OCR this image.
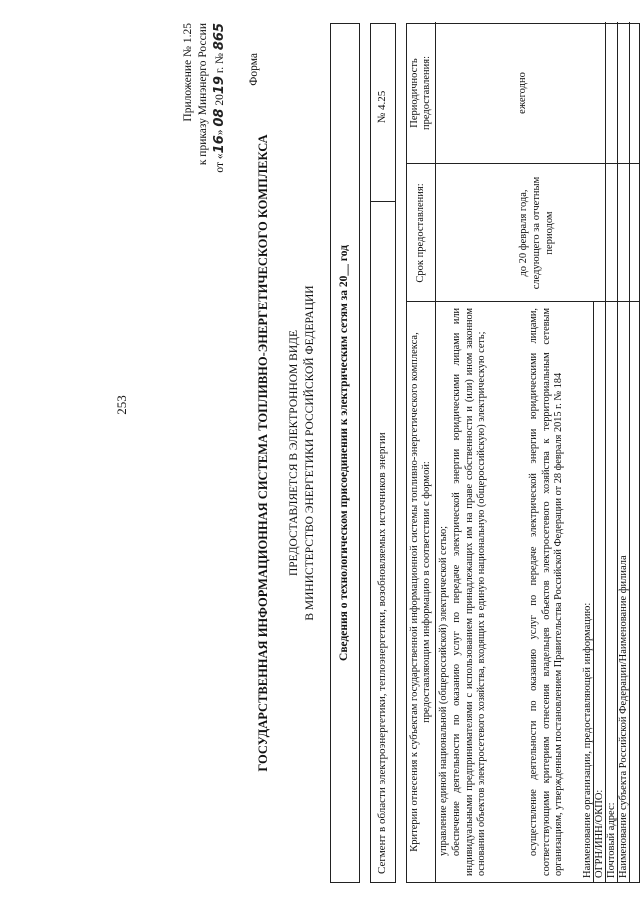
253
Приложение № 1.25 к приказу Минэнерго России от «16» 08 2019 г. № 865
Форма
ГОСУДАРСТВЕННАЯ ИНФОРМАЦИОННАЯ СИСТЕМА ТОПЛИВНО-ЭНЕРГЕТИЧЕСКОГО КОМПЛЕКСА ПРЕДОСТАВЛЯЕТСЯ В ЭЛЕКТРОННОМ ВИДЕ В МИНИСТЕРСТВО ЭНЕРГЕТИКИ РОССИЙСКОЙ ФЕДЕРАЦИИ Сведения о технологическом присоединении к электрическим сетям за 20__ год Сегмент в области электроэнергетики, теплоэнергетики, возобновляемых источников энергии
№ 4.25
Критерии отнесения к субъектам государственной информационной системы топливно-энергетического комплекса, предоставляющим информацию в соответствии с формой:
Срок предоставления:
Периодичность предоставления:
управление единой национальной (общероссийской) электрической сетью; обеспечение деятельности по оказанию услуг по передаче электрической энергии юридическими лицами или индивидуальными предпринимателями с использованием принадлежащих им на праве собственности и (или) ином законном основании объектов электросетевого хозяйства, входящих в единую национальную (общероссийскую) электрическую сеть;	осуществление деятельности по оказанию услуг по передаче электрической энергии юридическими лицами, соответствующими критериям отнесения владельцев объектов электросетевого хозяйства к территориальным сетевым организациям, утвержденным постановлением Правительства Российской Федерации от 28 февраля 2015 г. № 184
до 20 февраля года, следующего за отчетным периодом
ежегодно
Наименование организации, предоставляющей информацию: ОГРН/ИНН/ОКПО: Почтовый адрес: Наименование субъекта Российской Федерации/Наименование филиала
